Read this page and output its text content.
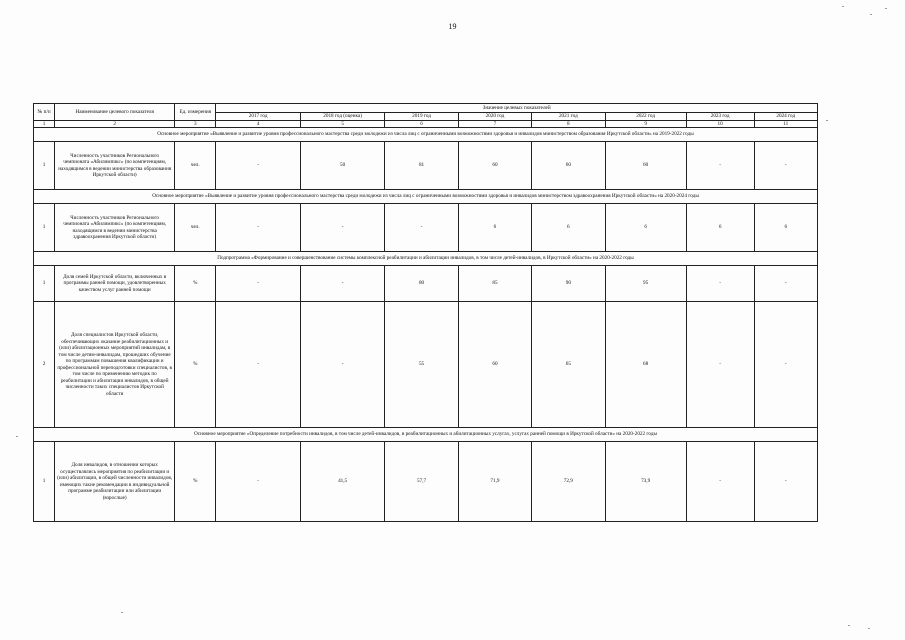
19
№ п/п	Наименование целевого показателя	Ед. измерения	Значение целевых показателей							
			2017 год	2018 год (оценка)	2019 год	2020 год	2021 год	2022 год	2023 год	2024 год
1	2	3	4	5	6	7	8	9	10	11
Основное мероприятие «Выявление и развитие уровня профессионального мастерства среди молодежи из числа лиц с ограниченными возможностями здоровья и инвалидов министерством образования Иркутской области» на 2019-2022 годы										
1	Численность участников Регионального чемпионата «Абилимпикс» (по компетенциям, находящимся в ведении министерства образования Иркутской области)	чел.	-	50	81	60	60	60	-	-
Основное мероприятие «Выявление и развитие уровня профессионального мастерства среди молодежи из числа лиц с ограниченными возможностями здоровья и инвалидов министерством здравоохранения Иркутской области» на 2020-2024 годы										
1	Численность участников Регионального чемпионата «Абилимпикс» (по компетенциям, находящимся в ведении министерства здравоохранения Иркутской области)	чел.	-	-	-	6	6	6	6	6
Подпрограмма «Формирование и совершенствование системы комплексной реабилитации и абилитации инвалидов, в том числе детей-инвалидов, в Иркутской области» на 2020-2022 годы										
1	Доля семей Иркутской области, включенных в программы ранней помощи, удовлетворенных качеством услуг ранней помощи	%	-	-	80	85	90	95	-	-
2	Доля специалистов Иркутской области, обеспечивающих оказание реабилитационных и (или) абилитационных мероприятий инвалидам, в том числе детям-инвалидам, прошедших обучение по программам повышения квалификации и профессиональной переподготовки специалистов, в том числе по применению методик по реабилитации и абилитации инвалидов, в общей численности таких специалистов Иркутской области	%	-	-	55	60	65	68	-	-
Основное мероприятие «Определение потребности инвалидов, в том числе детей-инвалидов, в реабилитационных и абилитационных услугах, услугах ранней помощи в Иркутской области» на 2020-2022 годы										
1	Доля инвалидов, в отношении которых осуществлялись мероприятия по реабилитации и (или) абилитации, в общей численности инвалидов, имеющих такие рекомендации в индивидуальной программе реабилитации или абилитации (взрослые)	%	-	41,5	57,7	71,9	72,9	73,9	-	-
